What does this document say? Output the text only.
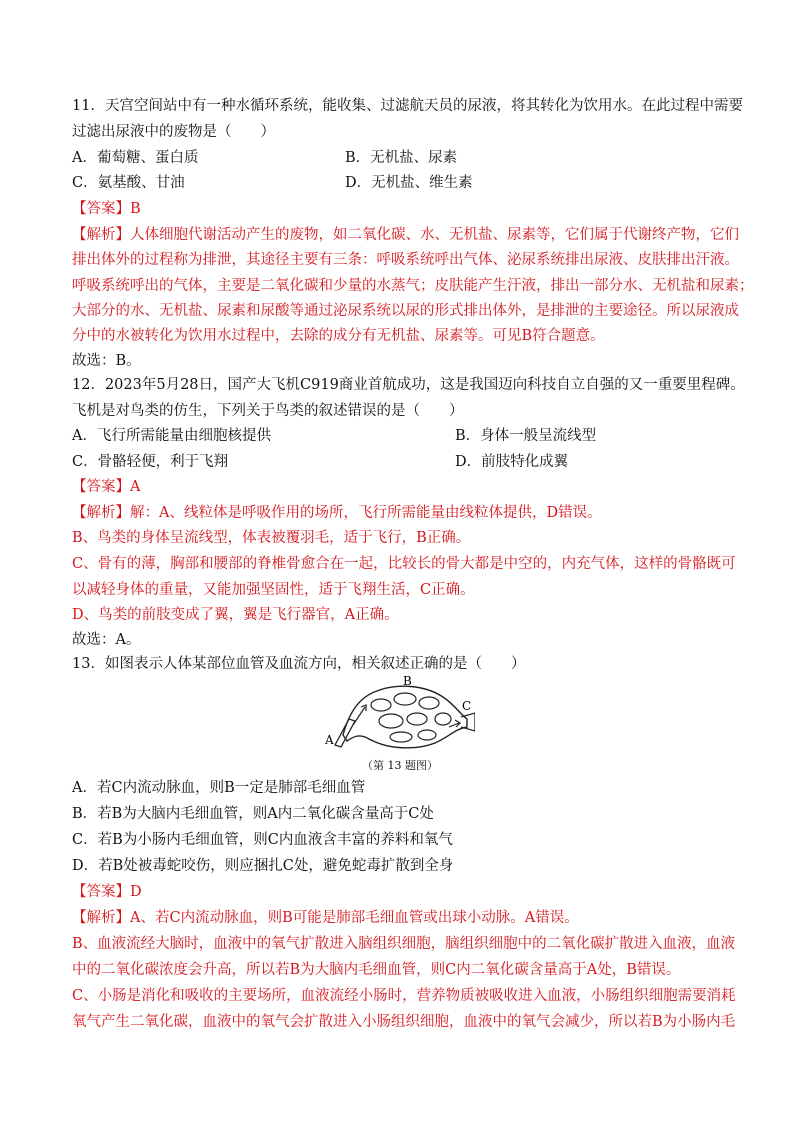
11．天宫空间站中有一种水循环系统，能收集、过滤航天员的尿液，将其转化为饮用水。在此过程中需要
过滤出尿液中的废物是（　　）
A．葡萄糖、蛋白质	B．无机盐、尿素
C．氨基酸、甘油	D．无机盐、维生素
【答案】B
【解析】人体细胞代谢活动产生的废物，如二氧化碳、水、无机盐、尿素等，它们属于代谢终产物，它们
排出体外的过程称为排泄，其途径主要有三条：呼吸系统呼出气体、泌尿系统排出尿液、皮肤排出汗液。
呼吸系统呼出的气体，主要是二氧化碳和少量的水蒸气；皮肤能产生汗液，排出一部分水、无机盐和尿素；
大部分的水、无机盐、尿素和尿酸等通过泌尿系统以尿的形式排出体外，是排泄的主要途径。所以尿液成
分中的水被转化为饮用水过程中，去除的成分有无机盐、尿素等。可见B符合题意。
故选：B。
12．2023年5月28日，国产大飞机C919商业首航成功，这是我国迈向科技自立自强的又一重要里程碑。
飞机是对鸟类的仿生，下列关于鸟类的叙述错误的是（　　）
A．飞行所需能量由细胞核提供	B．身体一般呈流线型
C．骨骼轻便，利于飞翔	D．前肢特化成翼
【答案】A
【解析】解：A、线粒体是呼吸作用的场所，飞行所需能量由线粒体提供，D错误。
B、鸟类的身体呈流线型，体表被覆羽毛，适于飞行，B正确。
C、骨有的薄，胸部和腰部的脊椎骨愈合在一起，比较长的骨大都是中空的，内充气体，这样的骨骼既可
以减轻身体的重量，又能加强坚固性，适于飞翔生活，C正确。
D、鸟类的前肢变成了翼，翼是飞行器官，A正确。
故选：A。
13．如图表示人体某部位血管及血流方向，相关叙述正确的是（　　）
A
B
C
（第 13 题图）
A．若C内流动脉血，则B一定是肺部毛细血管
B．若B为大脑内毛细血管，则A内二氧化碳含量高于C处
C．若B为小肠内毛细血管，则C内血液含丰富的养料和氧气
D．若B处被毒蛇咬伤，则应捆扎C处，避免蛇毒扩散到全身
【答案】D
【解析】A、若C内流动脉血，则B可能是肺部毛细血管或出球小动脉。A错误。
B、血液流经大脑时，血液中的氧气扩散进入脑组织细胞，脑组织细胞中的二氧化碳扩散进入血液，血液
中的二氧化碳浓度会升高，所以若B为大脑内毛细血管，则C内二氧化碳含量高于A处，B错误。
C、小肠是消化和吸收的主要场所，血液流经小肠时，营养物质被吸收进入血液，小肠组织细胞需要消耗
氧气产生二氧化碳，血液中的氧气会扩散进入小肠组织细胞，血液中的氧气会减少，所以若B为小肠内毛
